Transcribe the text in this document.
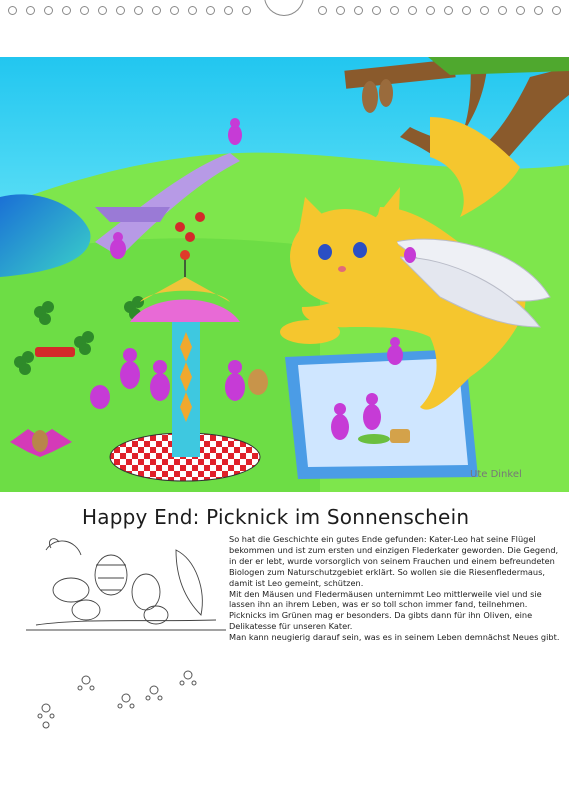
Ute Dinkel
Happy End: Picknick im Sonnenschein

So hat die Geschichte ein gutes Ende gefunden: Kater-Leo hat seine Flügel bekommen und ist zum ersten und einzigen Flederkater geworden. Die Gegend, in der er lebt, wurde vorsorglich von seinem Frauchen und einem befreundeten Biologen zum Naturschutzgebiet erklärt. So wollen sie die Riesenfledermaus, damit ist Leo gemeint, schützen.

Mit den Mäusen und Fledermäusen unternimmt Leo mittlerweile viel und sie lassen ihn an ihrem Leben, was er so toll schon immer fand, teilnehmen. Picknicks im Grünen mag er besonders. Da gibts dann für ihn Oliven, eine Delikatesse für unseren Kater.

Man kann neugierig darauf sein, was es in seinem Leben demnächst Neues gibt.
